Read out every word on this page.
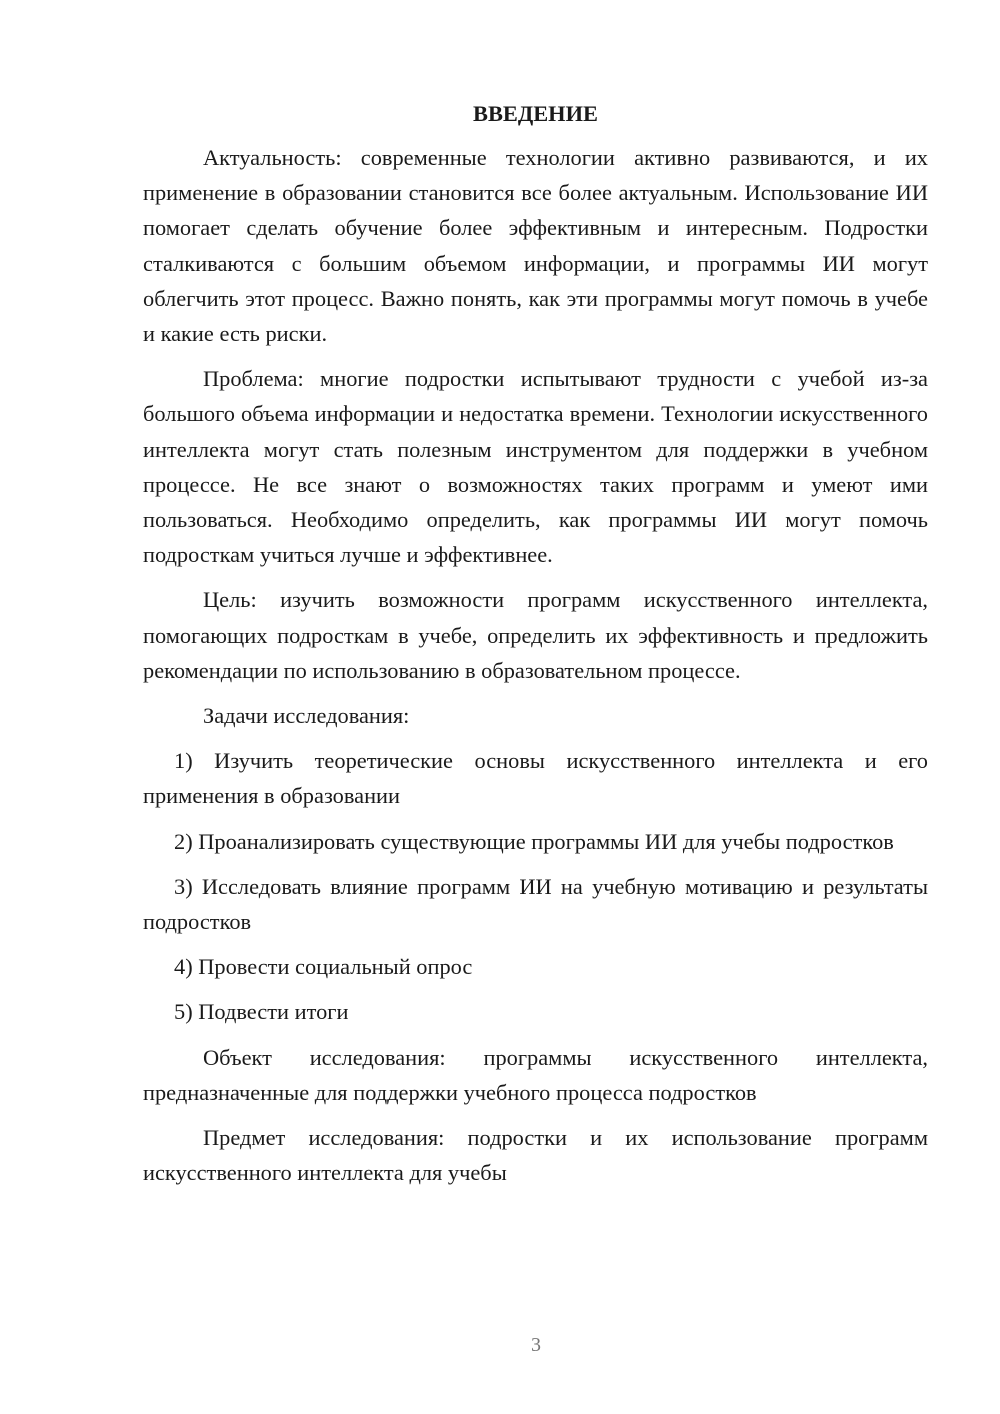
ВВЕДЕНИЕ

Актуальность: современные технологии активно развиваются, и их применение в образовании становится все более актуальным. Использование ИИ помогает сделать обучение более эффективным и интересным. Подростки сталкиваются с большим объемом информации, и программы ИИ могут облегчить этот процесс. Важно понять, как эти программы могут помочь в учебе и какие есть риски.

Проблема: многие подростки испытывают трудности с учебой из-за большого объема информации и недостатка времени. Технологии искусственного интеллекта могут стать полезным инструментом для поддержки в учебном процессе. Не все знают о возможностях таких программ и умеют ими пользоваться. Необходимо определить, как программы ИИ могут помочь подросткам учиться лучше и эффективнее.

Цель: изучить возможности программ искусственного интеллекта, помогающих подросткам в учебе, определить их эффективность и предложить рекомендации по использованию в образовательном процессе.

Задачи исследования:

1) Изучить теоретические основы искусственного интеллекта и его применения в образовании

2) Проанализировать существующие программы ИИ для учебы подростков

3) Исследовать влияние программ ИИ на учебную мотивацию и результаты подростков

4) Провести социальный опрос

5) Подвести итоги

Объект исследования: программы искусственного интеллекта, предназначенные для поддержки учебного процесса подростков

Предмет исследования: подростки и их использование программ искусственного интеллекта для учебы

3
